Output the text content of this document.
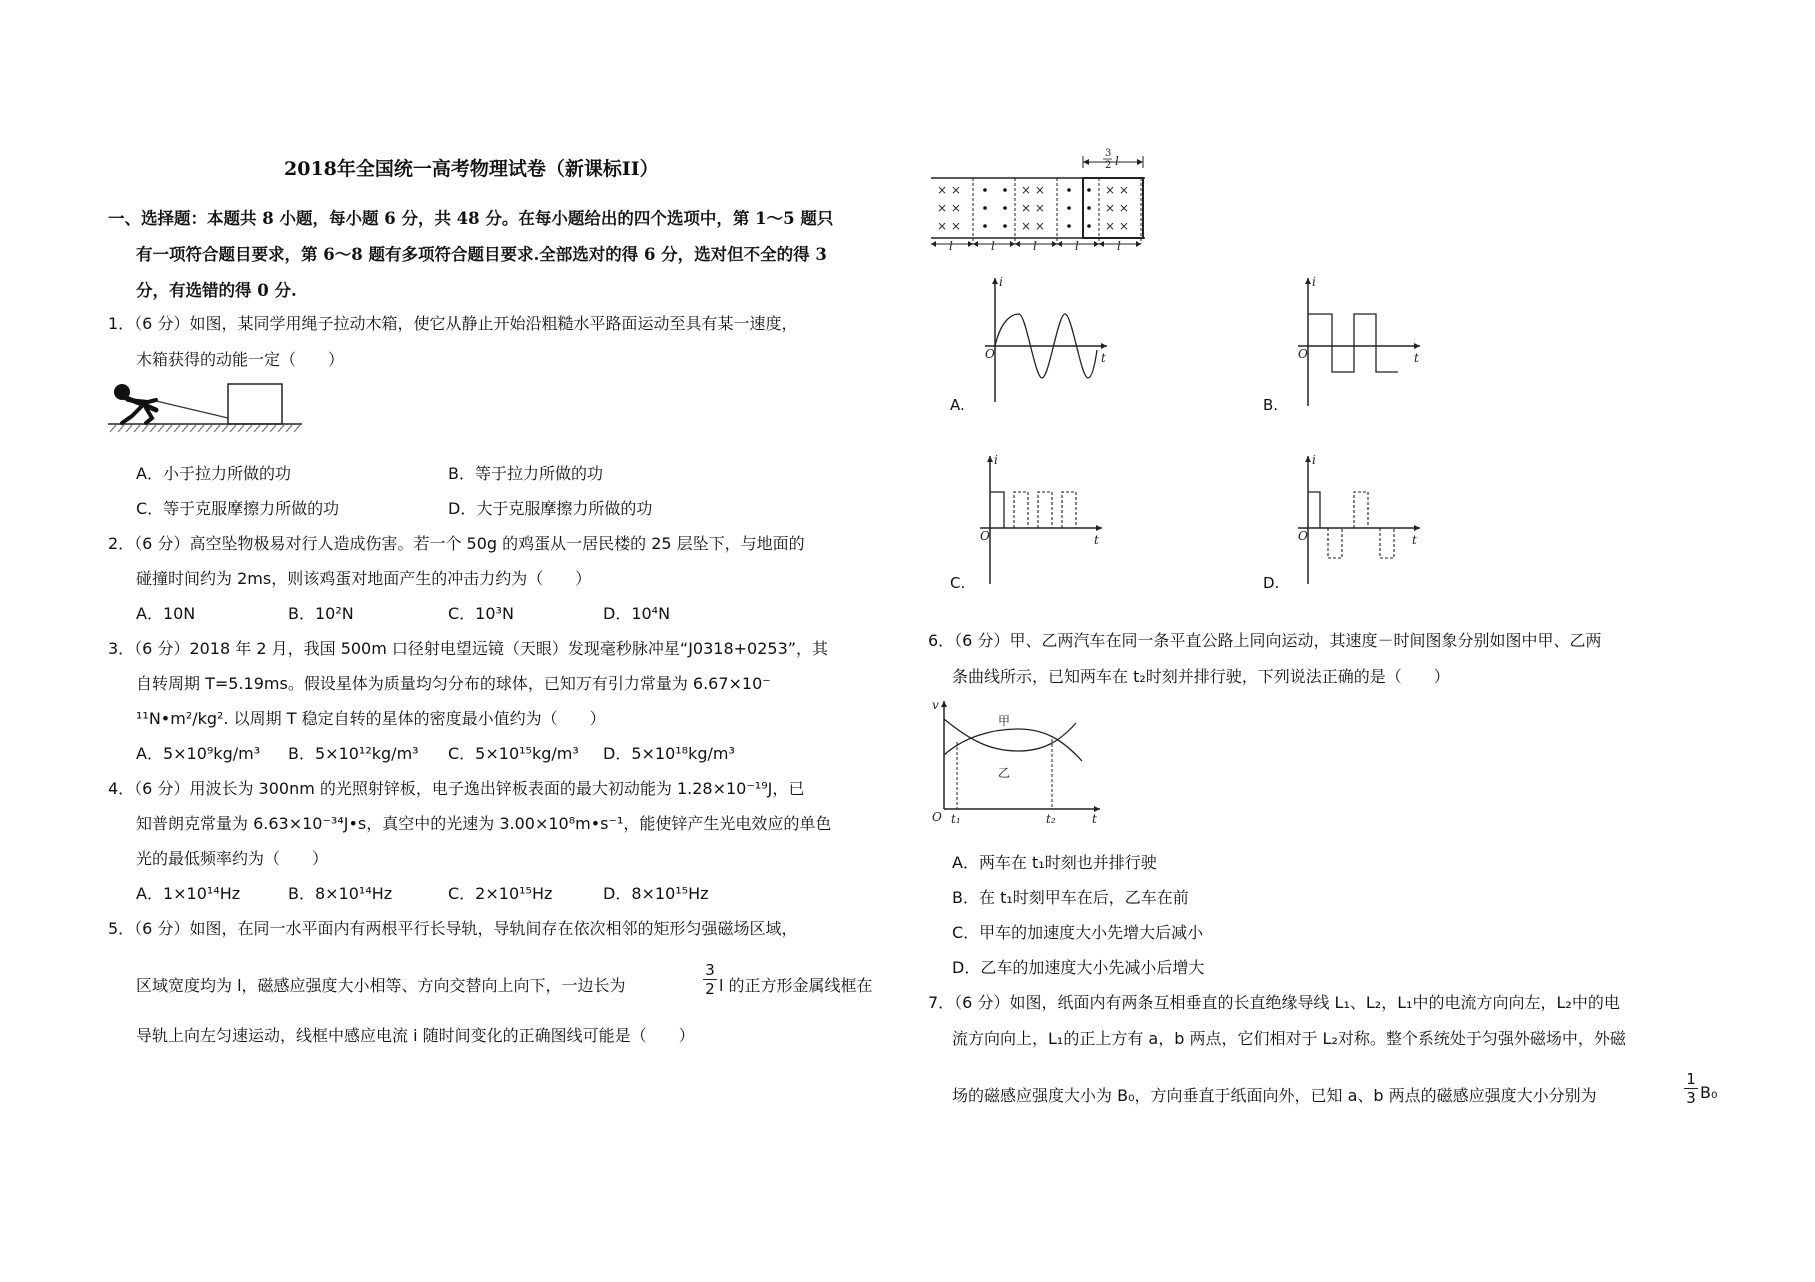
2018年全国统一高考物理试卷（新课标II）
一、选择题：本题共 8 小题，每小题 6 分，共 48 分。在每小题给出的四个选项中，第 1～5 题只
有一项符合题目要求，第 6～8 题有多项符合题目要求.全部选对的得 6 分，选对但不全的得 3
分，有选错的得 0 分.
1．（6 分）如图，某同学用绳子拉动木箱，使它从静止开始沿粗糙水平路面运动至具有某一速度，
木箱获得的动能一定（　　）
A．小于拉力所做的功	B．等于拉力所做的功
C．等于克服摩擦力所做的功	D．大于克服摩擦力所做的功
2．（6 分）高空坠物极易对行人造成伤害。若一个 50g 的鸡蛋从一居民楼的 25 层坠下，与地面的
碰撞时间约为 2ms，则该鸡蛋对地面产生的冲击力约为（　　）
A．10N	B．10²N	C．10³N	D．10⁴N
3．（6 分）2018 年 2 月，我国 500m 口径射电望远镜（天眼）发现毫秒脉冲星“J0318+0253”，其
自转周期 T=5.19ms。假设星体为质量均匀分布的球体，已知万有引力常量为 6.67×10⁻
¹¹N•m²/kg². 以周期 T 稳定自转的星体的密度最小值约为（　　）
A．5×10⁹kg/m³ B．5×10¹²kg/m³ C．5×10¹⁵kg/m³ D．5×10¹⁸kg/m³
4．（6 分）用波长为 300nm 的光照射锌板，电子逸出锌板表面的最大初动能为 1.28×10⁻¹⁹J，已
知普朗克常量为 6.63×10⁻³⁴J•s，真空中的光速为 3.00×10⁸m•s⁻¹，能使锌产生光电效应的单色
光的最低频率约为（　　）
A．1×10¹⁴Hz	B．8×10¹⁴Hz	C．2×10¹⁵Hz	D．8×10¹⁵Hz
5．（6 分）如图，在同一水平面内有两根平行长导轨，导轨间存在依次相邻的矩形匀强磁场区域，
区域宽度均为 l，磁感应强度大小相等、方向交替向上向下，一边长为	$\frac{3}{2}$ l 的正方形金属线框在
导轨上向左匀速运动，线框中感应电流 i 随时间变化的正确图线可能是（　　）
× ×
× ×
× ×
× ×
× ×
× ×
× ×
× ×
× ×
3
2 l
l	l	l	l	l
i
O	t
A.
i
O	t
B.
i
O	t
C.
i
O	t
D.
6．（6 分）甲、乙两汽车在同一条平直公路上同向运动，其速度－时间图象分别如图中甲、乙两
条曲线所示，已知两车在 t₂时刻并排行驶，下列说法正确的是（　　）
v
O t₁	t₂	t
甲
乙
A．两车在 t₁时刻也并排行驶
B．在 t₁时刻甲车在后，乙车在前
C．甲车的加速度大小先增大后减小
D．乙车的加速度大小先减小后增大
7．（6 分）如图，纸面内有两条互相垂直的长直绝缘导线 L₁、L₂，L₁中的电流方向向左，L₂中的电
流方向向上，L₁的正上方有 a，b 两点，它们相对于 L₂对称。整个系统处于匀强外磁场中，外磁
场的磁感应强度大小为 B₀，方向垂直于纸面向外，已知 a、b 两点的磁感应强度大小分别为	$\frac{1}{3} B_0$
